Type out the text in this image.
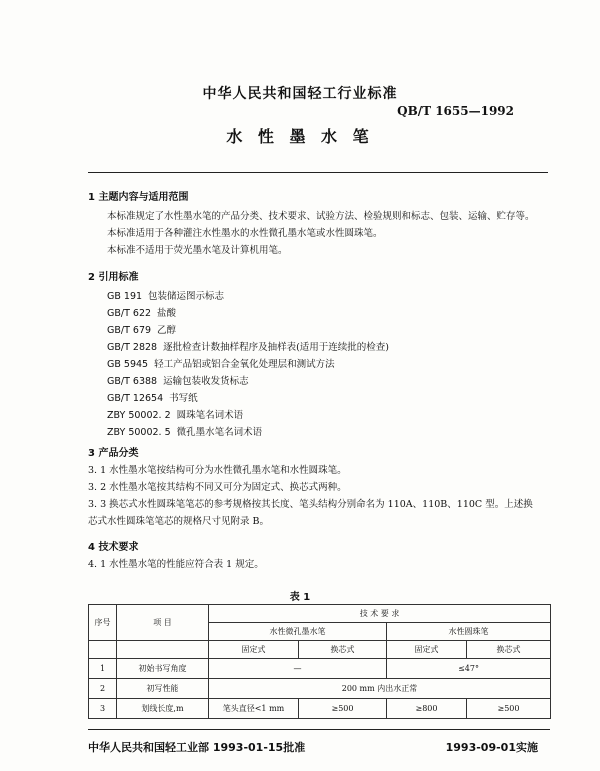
中华人民共和国轻工行业标准
QB/T 1655—1992
水 性 墨 水 笔
1 主题内容与适用范围
本标准规定了水性墨水笔的产品分类、技术要求、试验方法、检验规则和标志、包装、运输、贮存等。
本标准适用于各种灌注水性墨水的水性微孔墨水笔或水性圆珠笔。
本标准不适用于荧光墨水笔及计算机用笔。
2 引用标准
GB 191 包装储运图示标志
GB/T 622 盐酸
GB/T 679 乙醇
GB/T 2828 逐批检查计数抽样程序及抽样表(适用于连续批的检查)
GB 5945 轻工产品铝或铝合金氧化处理层和测试方法
GB/T 6388 运输包装收发货标志
GB/T 12654 书写纸
ZBY 50002. 2 圆珠笔名词术语
ZBY 50002. 5 微孔墨水笔名词术语
3 产品分类
3. 1 水性墨水笔按结构可分为水性微孔墨水笔和水性圆珠笔。
3. 2 水性墨水笔按其结构不同又可分为固定式、换芯式两种。
3. 3 换芯式水性圆珠笔笔芯的参考规格按其长度、笔头结构分别命名为 110A、110B、110C 型。上述换
芯式水性圆珠笔笔芯的规格尺寸见附录 B。
4 技术要求
4. 1 水性墨水笔的性能应符合表 1 规定。
表 1
序号	项 目	技 术 要 求			
		水性微孔墨水笔		水性圆珠笔	
		固定式	换芯式	固定式	换芯式
1	初始书写角度	—		≤47°	
2	初写性能	200 mm 内出水正常			
3	划线长度,m	笔头直径<1 mm	≥500	≥800	≥500
中华人民共和国轻工业部 1993-01-15批准	1993-09-01实施
